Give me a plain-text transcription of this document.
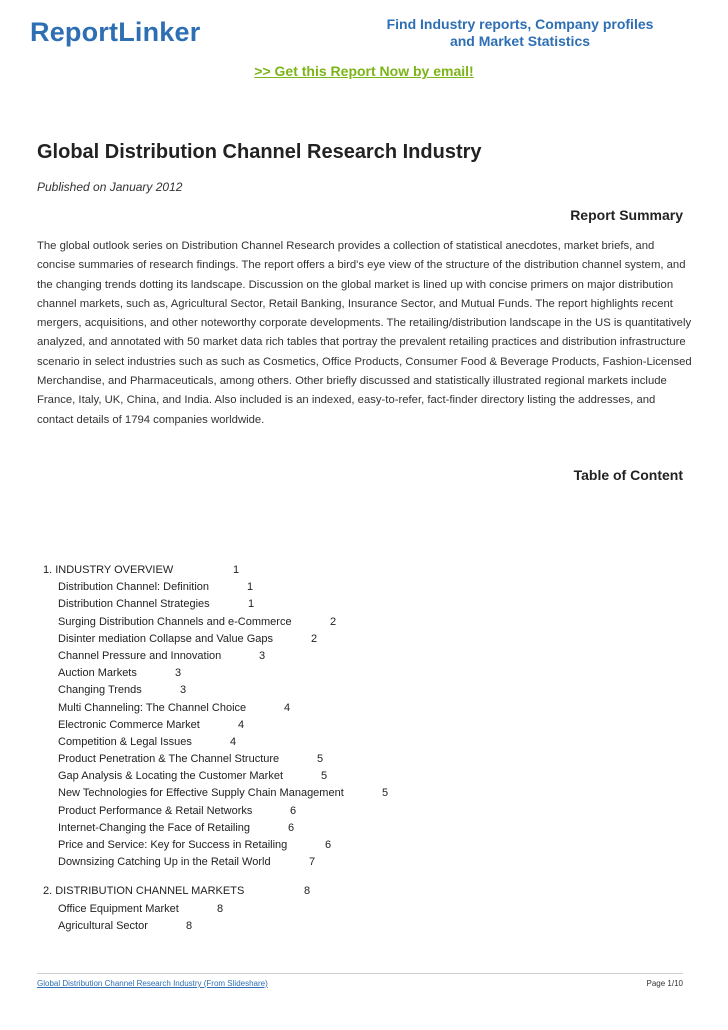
ReportLinker	Find Industry reports, Company profiles
and Market Statistics
>> Get this Report Now by email!
Global Distribution Channel Research Industry
Published on January 2012
Report Summary

The global outlook series on Distribution Channel Research provides a collection of statistical anecdotes, market briefs, and concise summaries of research findings. The report offers a bird's eye view of the structure of the distribution channel system, and the changing trends dotting its landscape. Discussion on the global market is lined up with concise primers on major distribution channel markets, such as, Agricultural Sector, Retail Banking, Insurance Sector, and Mutual Funds. The report highlights recent mergers, acquisitions, and other noteworthy corporate developments. The retailing/distribution landscape in the US is quantitatively analyzed, and annotated with 50 market data rich tables that portray the prevalent retailing practices and distribution infrastructure scenario in select industries such as such as Cosmetics, Office Products, Consumer Food & Beverage Products, Fashion-Licensed Merchandise, and Pharmaceuticals, among others. Other briefly discussed and statistically illustrated regional markets include France, Italy, UK, China, and India. Also included is an indexed, easy-to-refer, fact-finder directory listing the addresses, and contact details of 1794 companies worldwide.

Table of Content
1. INDUSTRY OVERVIEW	1
Distribution Channel: Definition	1
Distribution Channel Strategies	1
Surging Distribution Channels and e-Commerce	2
Disinter mediation Collapse and Value Gaps	2
Channel Pressure and Innovation	3
Auction Markets	3
Changing Trends	3
Multi Channeling: The Channel Choice	4
Electronic Commerce Market	4
Competition & Legal Issues	4
Product Penetration & The Channel Structure	5
Gap Analysis & Locating the Customer Market	5
New Technologies for Effective Supply Chain Management	5
Product Performance & Retail Networks	6
Internet-Changing the Face of Retailing	6
Price and Service: Key for Success in Retailing	6
Downsizing Catching Up in the Retail World	7
2. DISTRIBUTION CHANNEL MARKETS	8
Office Equipment Market	8
Agricultural Sector	8
Global Distribution Channel Research Industry (From Slideshare)	Page 1/10
